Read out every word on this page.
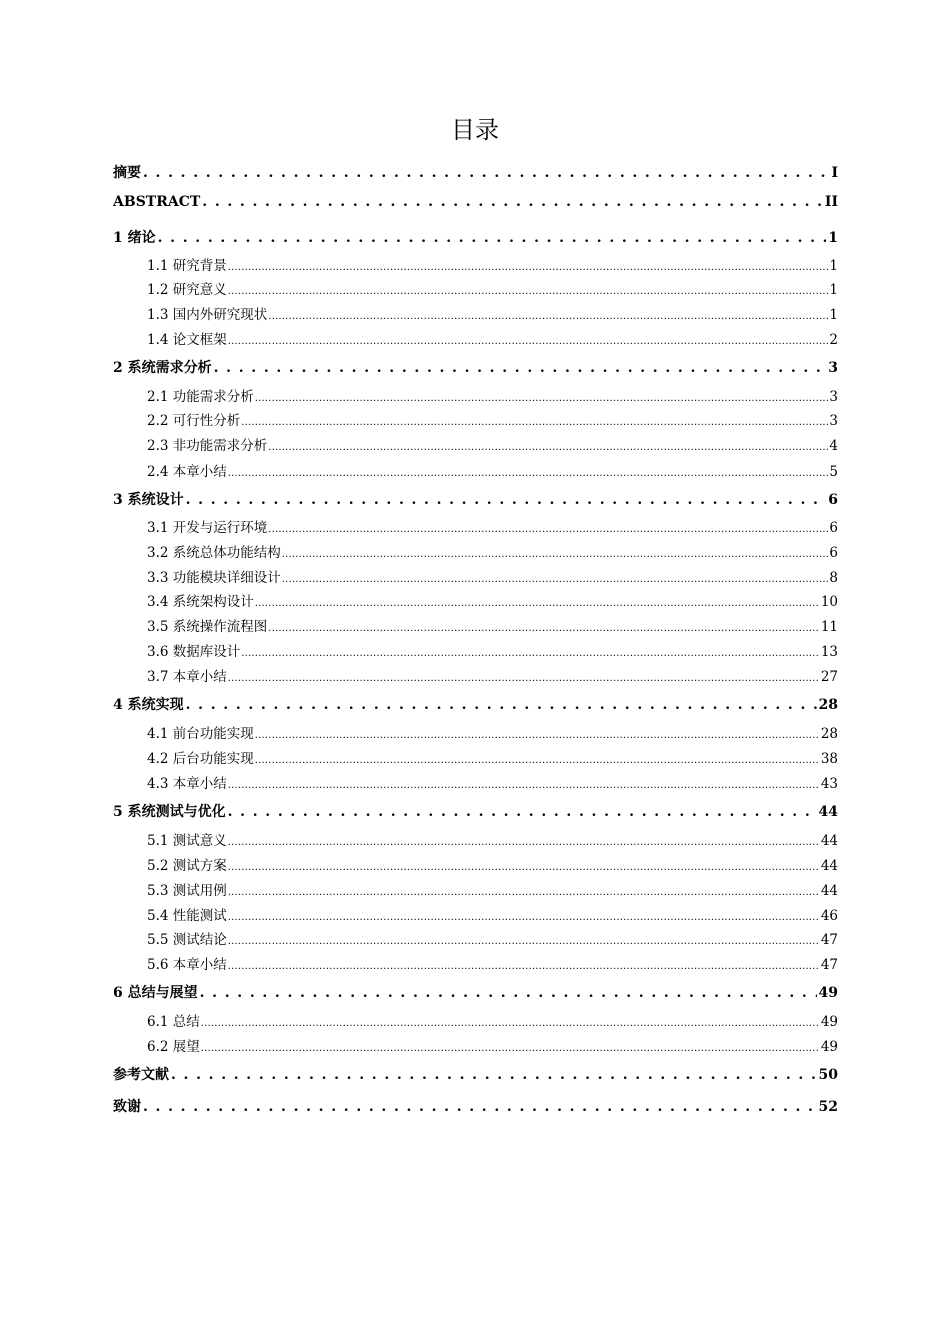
目录
摘要 . . .	I
ABSTRACT . . .	II
1 绪论 . . .	1
1.1 研究背景 .....	1
1.2 研究意义 .....	1
1.3 国内外研究现状 .....	1
1.4 论文框架 .....	2
2 系统需求分析 . . .	3
2.1 功能需求分析 .....	3
2.2 可行性分析 .....	3
2.3 非功能需求分析 .....	4
2.4 本章小结 .....	5
3 系统设计 . . .	6
3.1 开发与运行环境 .....	6
3.2 系统总体功能结构 .....	6
3.3 功能模块详细设计 .....	8
3.4 系统架构设计 .....	10
3.5 系统操作流程图 .....	11
3.6 数据库设计 .....	13
3.7 本章小结 .....	27
4 系统实现 . . .	28
4.1 前台功能实现 .....	28
4.2 后台功能实现 .....	38
4.3 本章小结 .....	43
5 系统测试与优化 . . .	44
5.1 测试意义 .....	44
5.2 测试方案 .....	44
5.3 测试用例 .....	44
5.4 性能测试 .....	46
5.5 测试结论 .....	47
5.6 本章小结 .....	47
6 总结与展望 . . .	49
6.1 总结 .....	49
6.2 展望 .....	49
参考文献 . . .	50
致谢 . . .	52
